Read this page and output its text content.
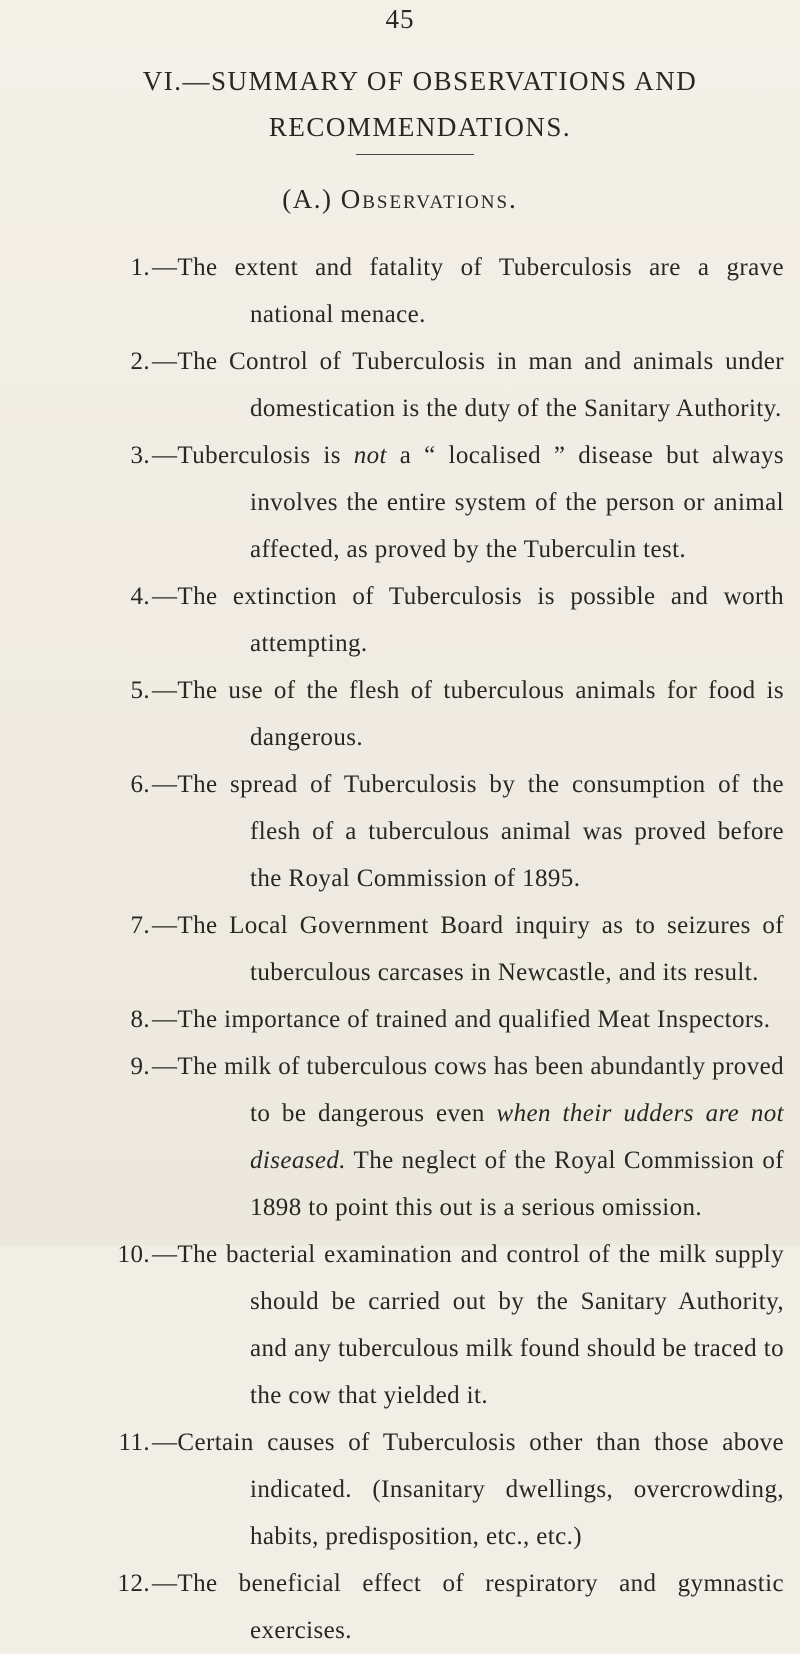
45
VI.—SUMMARY OF OBSERVATIONS AND
RECOMMENDATIONS.
(A.) Observations.
1. —The extent and fatality of Tuberculosis are a grave national menace.
2. —The Control of Tuberculosis in man and animals under domestication is the duty of the Sanitary Authority.
3. —Tuberculosis is not a “ localised ” disease but always involves the entire system of the person or animal affected, as proved by the Tuberculin test.
4. —The extinction of Tuberculosis is possible and worth attempting.
5. —The use of the flesh of tuberculous animals for food is dangerous.
6. —The spread of Tuberculosis by the consumption of the flesh of a tuberculous animal was proved before the Royal Commission of 1895.
7. —The Local Government Board inquiry as to seizures of tuberculous carcases in Newcastle, and its result.
8. —The importance of trained and qualified Meat Inspectors.
9. —The milk of tuberculous cows has been abundantly proved to be dangerous even when their udders are not diseased. The neglect of the Royal Commission of 1898 to point this out is a serious omission.
10. —The bacterial examination and control of the milk supply should be carried out by the Sanitary Authority, and any tuberculous milk found should be traced to the cow that yielded it.
11. —Certain causes of Tuberculosis other than those above indicated. (Insanitary dwellings, overcrowding, habits, predisposition, etc., etc.)
12. —The beneficial effect of respiratory and gymnastic exercises.
